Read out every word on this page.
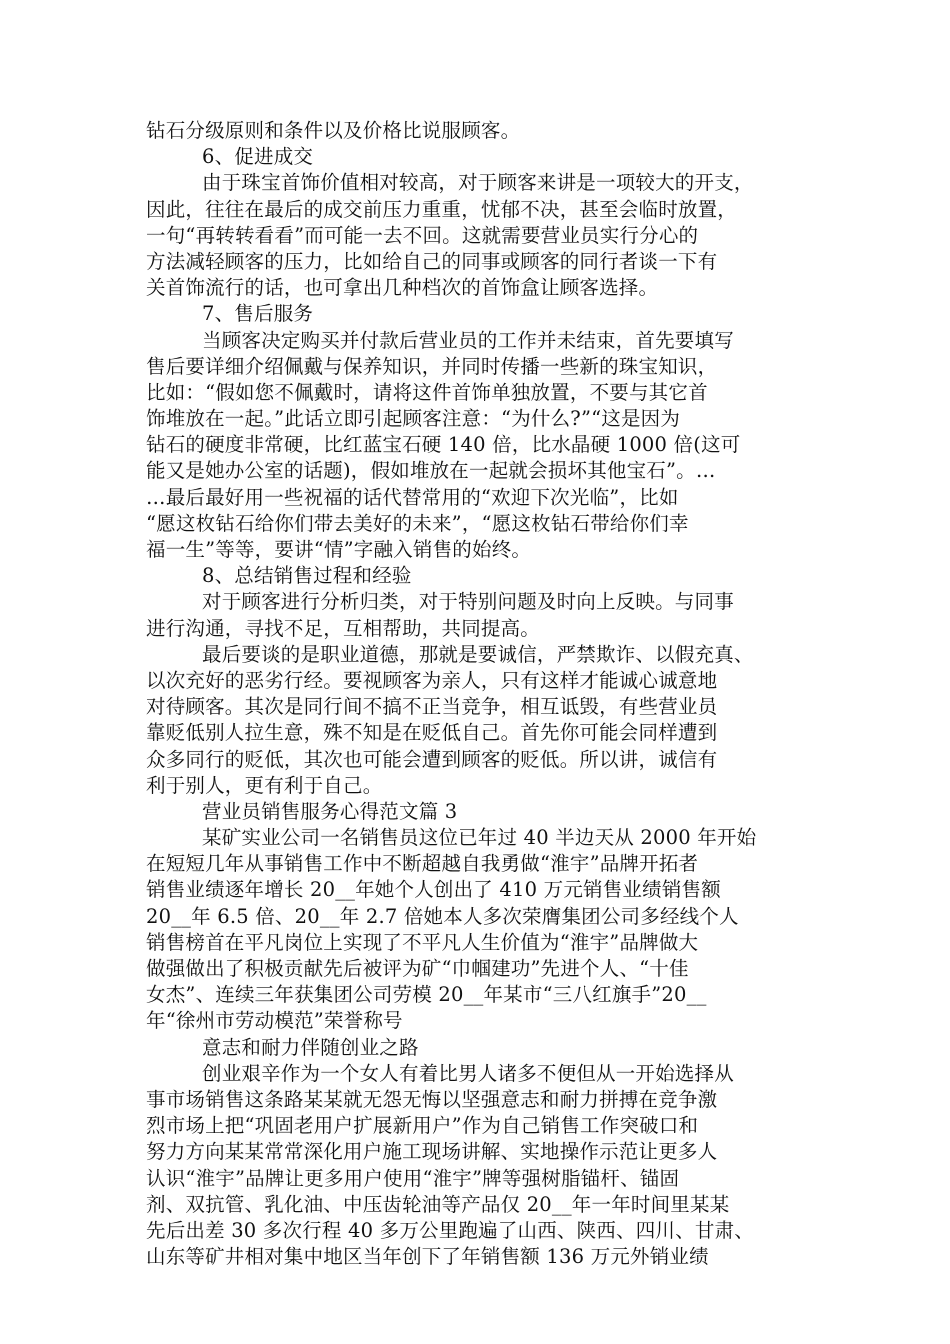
钻石分级原则和条件以及价格比说服顾客。
6、促进成交
由于珠宝首饰价值相对较高，对于顾客来讲是一项较大的开支，
因此，往往在最后的成交前压力重重，忧郁不决，甚至会临时放置，
一句“再转转看看”而可能一去不回。这就需要营业员实行分心的
方法减轻顾客的压力，比如给自己的同事或顾客的同行者谈一下有
关首饰流行的话，也可拿出几种档次的首饰盒让顾客选择。
7、售后服务
当顾客决定购买并付款后营业员的工作并未结束，首先要填写
售后要详细介绍佩戴与保养知识，并同时传播一些新的珠宝知识，
比如：“假如您不佩戴时，请将这件首饰单独放置，不要与其它首
饰堆放在一起。”此话立即引起顾客注意：“为什么?”“这是因为
钻石的硬度非常硬，比红蓝宝石硬 140 倍，比水晶硬 1000 倍(这可
能又是她办公室的话题)，假如堆放在一起就会损坏其他宝石”。…
…最后最好用一些祝福的话代替常用的“欢迎下次光临”，比如
“愿这枚钻石给你们带去美好的未来”，“愿这枚钻石带给你们幸
福一生”等等，要讲“情”字融入销售的始终。
8、总结销售过程和经验
对于顾客进行分析归类，对于特别问题及时向上反映。与同事
进行沟通，寻找不足，互相帮助，共同提高。
最后要谈的是职业道德，那就是要诚信，严禁欺诈、以假充真、
以次充好的恶劣行经。要视顾客为亲人，只有这样才能诚心诚意地
对待顾客。其次是同行间不搞不正当竞争，相互诋毁，有些营业员
靠贬低别人拉生意，殊不知是在贬低自己。首先你可能会同样遭到
众多同行的贬低，其次也可能会遭到顾客的贬低。所以讲，诚信有
利于别人，更有利于自己。
营业员销售服务心得范文篇 3
某矿实业公司一名销售员这位已年过 40 半边天从 2000 年开始
在短短几年从事销售工作中不断超越自我勇做“淮宇”品牌开拓者
销售业绩逐年增长 20__年她个人创出了 410 万元销售业绩销售额
20__年 6.5 倍、20__年 2.7 倍她本人多次荣膺集团公司多经线个人
销售榜首在平凡岗位上实现了不平凡人生价值为“淮宇”品牌做大
做强做出了积极贡献先后被评为矿“巾帼建功”先进个人、“十佳
女杰”、连续三年获集团公司劳模 20__年某市“三八红旗手”20__
年“徐州市劳动模范”荣誉称号
意志和耐力伴随创业之路
创业艰辛作为一个女人有着比男人诸多不便但从一开始选择从
事市场销售这条路某某就无怨无悔以坚强意志和耐力拼搏在竞争激
烈市场上把“巩固老用户扩展新用户”作为自己销售工作突破口和
努力方向某某常常深化用户施工现场讲解、实地操作示范让更多人
认识“淮宇”品牌让更多用户使用“淮宇”牌等强树脂锚杆、锚固
剂、双抗管、乳化油、中压齿轮油等产品仅 20__年一年时间里某某
先后出差 30 多次行程 40 多万公里跑遍了山西、陕西、四川、甘肃、
山东等矿井相对集中地区当年创下了年销售额 136 万元外销业绩
